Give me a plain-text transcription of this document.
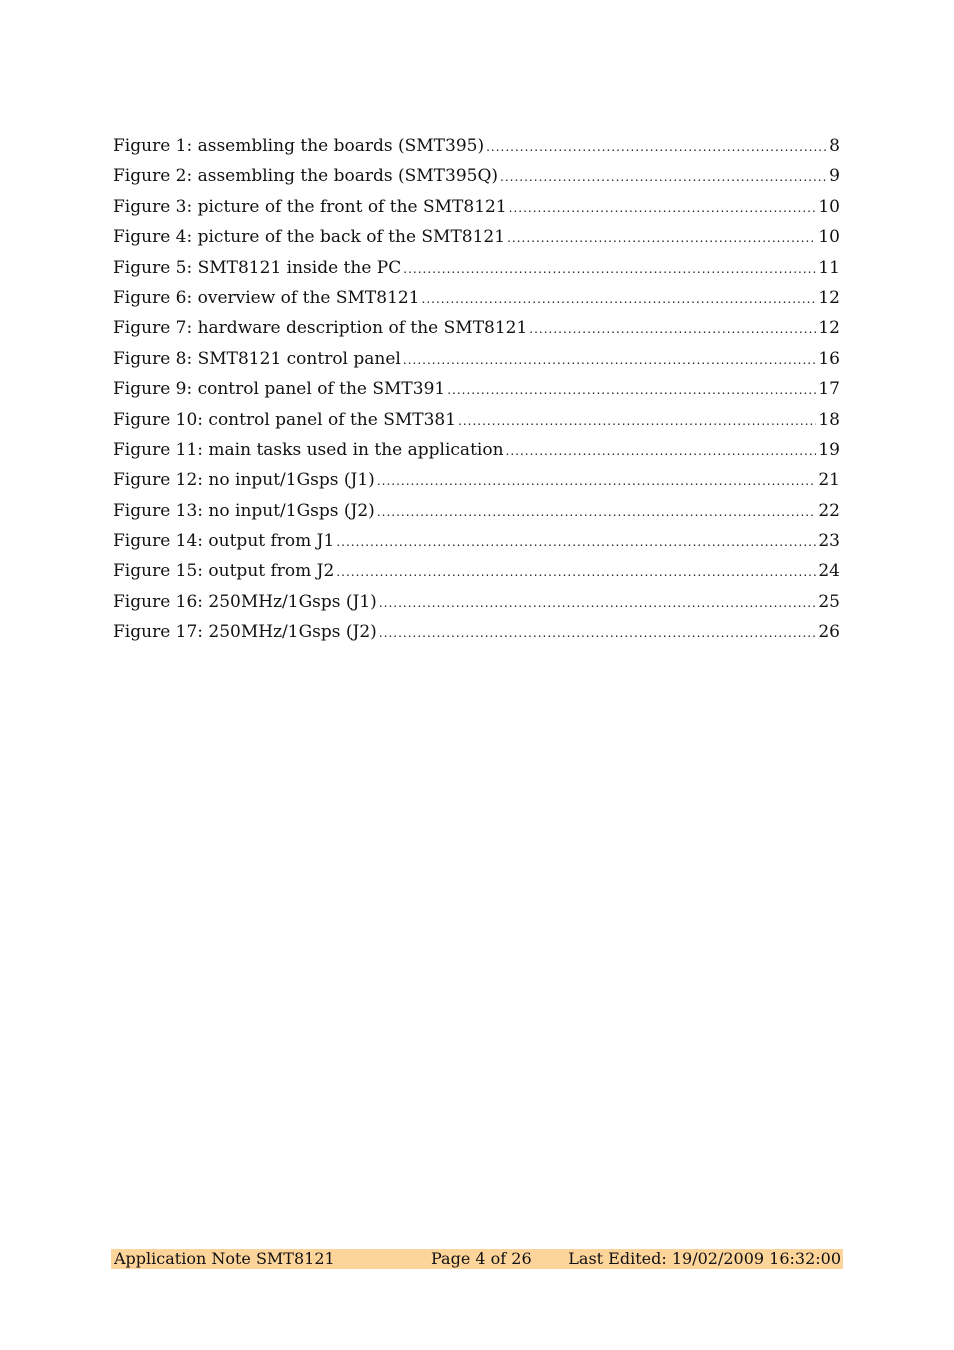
Figure 1: assembling the boards (SMT395) .....	8
Figure 2: assembling the boards (SMT395Q) .....	9
Figure 3: picture of the front of the SMT8121 .....	10
Figure 4: picture of the back of the SMT8121 .....	10
Figure 5: SMT8121 inside the PC .....	11
Figure 6: overview of the SMT8121 .....	12
Figure 7: hardware description of the SMT8121 .....	12
Figure 8: SMT8121 control panel .....	16
Figure 9: control panel of the SMT391 .....	17
Figure 10: control panel of the SMT381 .....	18
Figure 11: main tasks used in the application .....	19
Figure 12: no input/1Gsps (J1) .....	21
Figure 13: no input/1Gsps (J2) .....	22
Figure 14: output from J1 .....	23
Figure 15: output from J2 .....	24
Figure 16: 250MHz/1Gsps (J1) .....	25
Figure 17: 250MHz/1Gsps (J2) .....	26
Application Note SMT8121	Page 4 of 26 Last Edited: 19/02/2009 16:32:00
